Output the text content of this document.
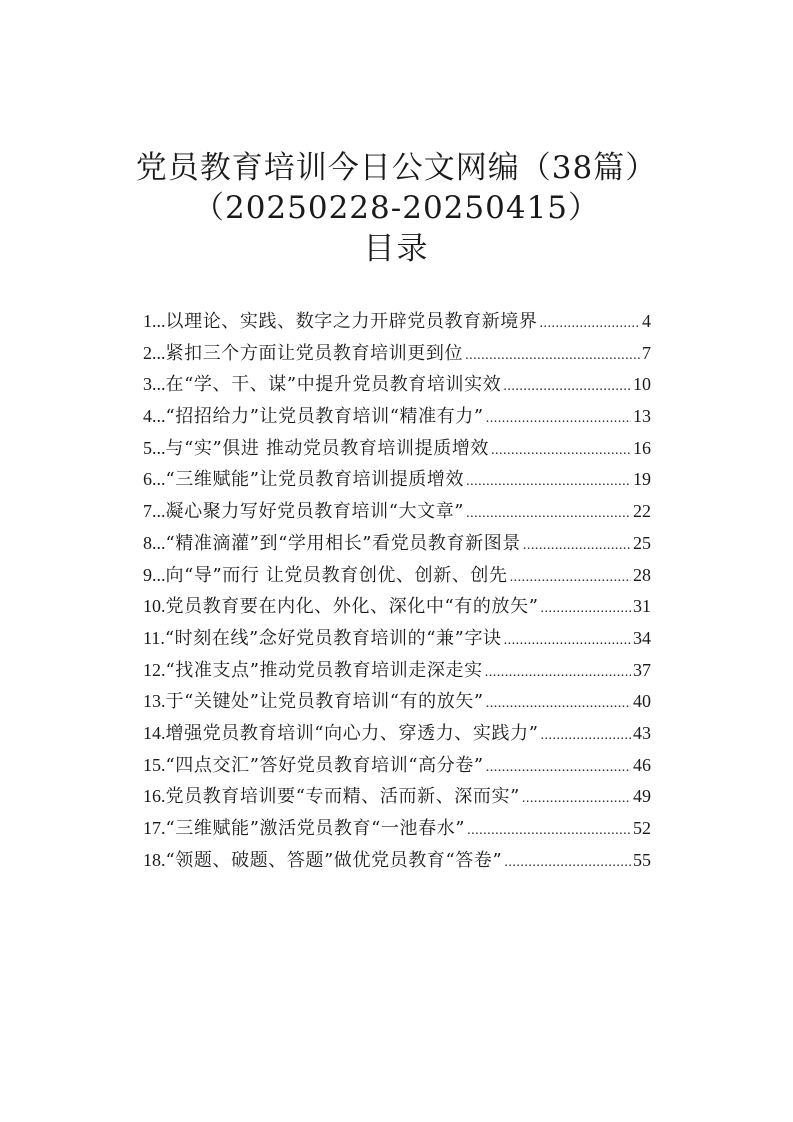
党员教育培训今日公文网编（38篇）
（20250228-20250415）
目录
1... 以理论、实践、数字之力开辟党员教育新境界 .....	4
2... 紧扣三个方面让党员教育培训更到位 .....	7
3... 在“学、干、谋”中提升党员教育培训实效 .....	10
4... “招招给力”让党员教育培训“精准有力” .....	13
5... 与“实”俱进 推动党员教育培训提质增效 .....	16
6... “三维赋能”让党员教育培训提质增效 .....	19
7... 凝心聚力写好党员教育培训“大文章” .....	22
8... “精准滴灌”到“学用相长”看党员教育新图景 .....	25
9... 向“导”而行 让党员教育创优、创新、创先 .....	28
10. 党员教育要在内化、外化、深化中“有的放矢” .....	31
11. “时刻在线”念好党员教育培训的“兼”字诀 .....	34
12. “找准支点”推动党员教育培训走深走实 .....	37
13. 于“关键处”让党员教育培训“有的放矢” .....	40
14. 增强党员教育培训“向心力、穿透力、实践力” .....	43
15. “四点交汇”答好党员教育培训“高分卷” .....	46
16. 党员教育培训要“专而精、活而新、深而实” .....	49
17. “三维赋能”激活党员教育“一池春水” .....	52
18. “领题、破题、答题”做优党员教育“答卷” .....	55
